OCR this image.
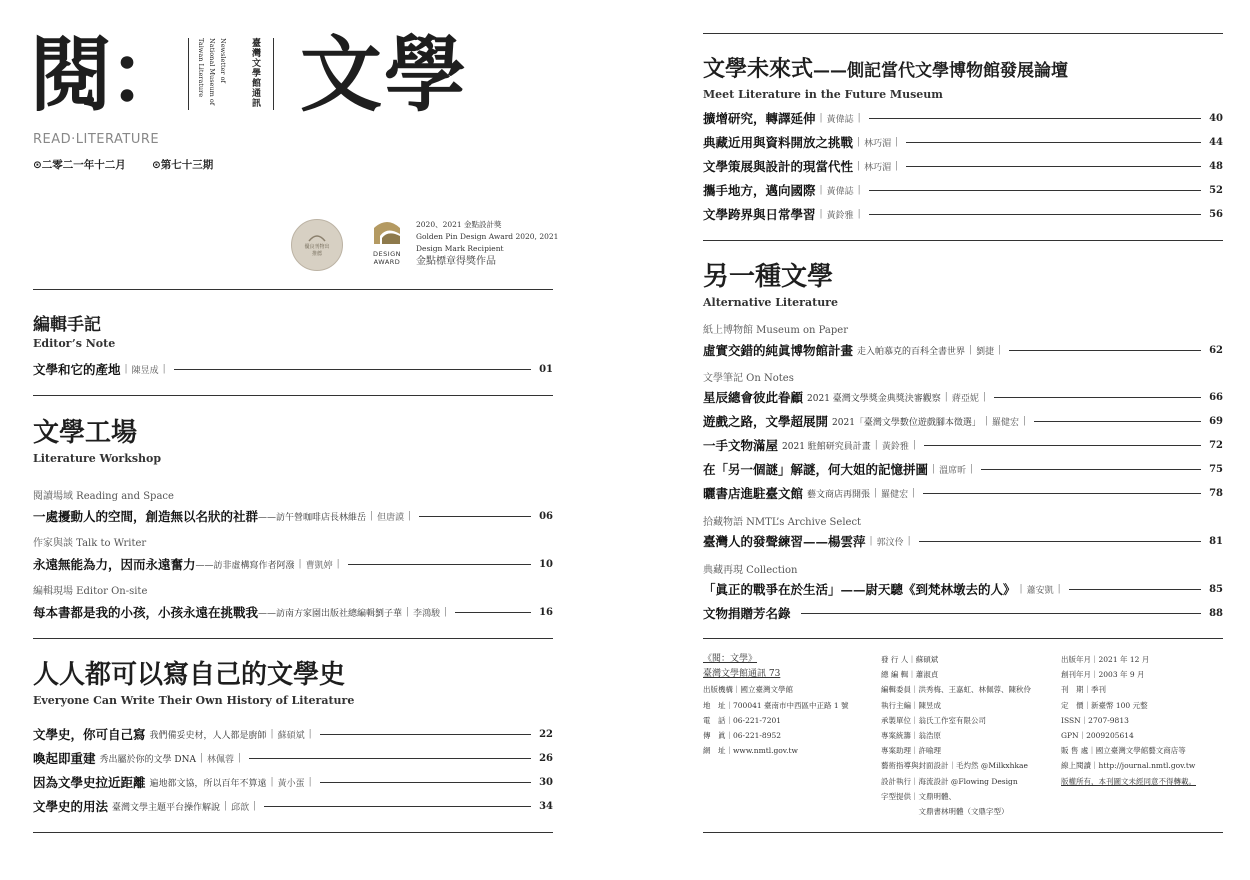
閱：	Newsletter of
National Museum of
Taiwan Literature	臺灣文學館通訊 文學
READ‧LITERATURE
⊙二零二一年十二月 ⊙第七十三期
優良刊物出
推薦	DESIGN
AWARD
2020、2021 金點設計獎
Golden Pin Design Award 2020, 2021
Design Mark Recipient
金點標章得獎作品
編輯手記
Editor’s Note
文學和它的產地 | 陳昱成 |	01
文學工場
Literature Workshop
閱讀場域 Reading and Space
一處擾動人的空間，創造無以名狀的社群 ——訪午營咖啡店長林維岳 | 但唐謨 |	06
作家與談 Talk to Writer
永遠無能為力，因而永遠奮力 ——訪非虛構寫作者阿潑 | 曹凱婷 |	10
編輯現場 Editor On-site
每本書都是我的小孩，小孩永遠在挑戰我 ——訪南方家園出版社總編輯劉子華 | 李鴻駿 |	16
人人都可以寫自己的文學史
Everyone Can Write Their Own History of Literature
文學史，你可自己寫 我們備妥史材，人人都是廚師 | 蘇碩斌 |	22
喚起即重建 秀出屬於你的文學 DNA | 林佩蓉 |	26
因為文學史拉近距離 遍地都文協，所以百年不算遠 | 黃小蛋 |	30
文學史的用法 臺灣文學主題平台操作解說 | 邱歆 |	34
文學未來式——側記當代文學博物館發展論壇
Meet Literature in the Future Museum
擴增研究，轉譯延伸 | 黃偉誌 |	40
典藏近用與資料開放之挑戰 | 林巧湄 |	44
文學策展與設計的現當代性 | 林巧湄 |	48
攜手地方，邁向國際 | 黃偉誌 |	52
文學跨界與日常學習 | 黃鈴雅 |	56
另一種文學
Alternative Literature
紙上博物館 Museum on Paper
虛實交錯的純眞博物館計畫 走入帕慕克的百科全書世界 | 劉捷 |	62
文學筆記 On Notes
星辰總會彼此眷顧 2021 臺灣文學獎金典獎決審觀察 | 蔣亞妮 |	66
遊戲之路，文學超展開 2021「臺灣文學數位遊戲腳本徵選」 | 羅健宏 |	69
一手文物滿屋 2021 駐館研究員計畫 | 黃鈴雅 |	72
在「另一個謎」解謎，何大姐的記憶拼圖 | 溫席昕 |	75
曬書店進駐臺文館 藝文商店再開張 | 羅健宏 |	78
拾藏物語 NMTL’s Archive Select
臺灣人的發聲練習——楊雲萍 | 郭汶伶 |	81
典藏再現 Collection
「眞正的戰爭在於生活」——尉天驄《到梵林墩去的人》 | 蕭安凱 |	85
文物捐贈芳名錄	88
《閱：文學》
臺灣文學館通訊 73
出版機構｜國立臺灣文學館
地　址｜700041 臺南市中西區中正路 1 號
電　話｜06-221-7201
傳　眞｜06-221-8952
網　址｜www.nmtl.gov.tw
發 行 人｜蘇碩斌
總 編 輯｜蕭淑貞
編輯委員｜洪秀梅、王嘉虹、林佩蓉、陳秋伶
執行主編｜陳昱成
承製單位｜翁氏工作室有限公司
專案統籌｜翁浩原
專案助理｜許喻理
藝術指導與封面設計｜毛灼然 @Milkxhkae
設計執行｜海流設計 @Flowing Design
字型提供｜文鼎明體、
　　　　　文鼎書林明體（文鼎字型）
出版年月｜2021 年 12 月
創刊年月｜2003 年 9 月
刊　期｜季刊
定　價｜新臺幣 100 元整
ISSN｜2707-9813
GPN｜2009205614
販 售 處｜國立臺灣文學館藝文商店等
線上閱讀｜http://journal.nmtl.gov.tw
版權所有，本刊圖文未經同意不得轉載。
